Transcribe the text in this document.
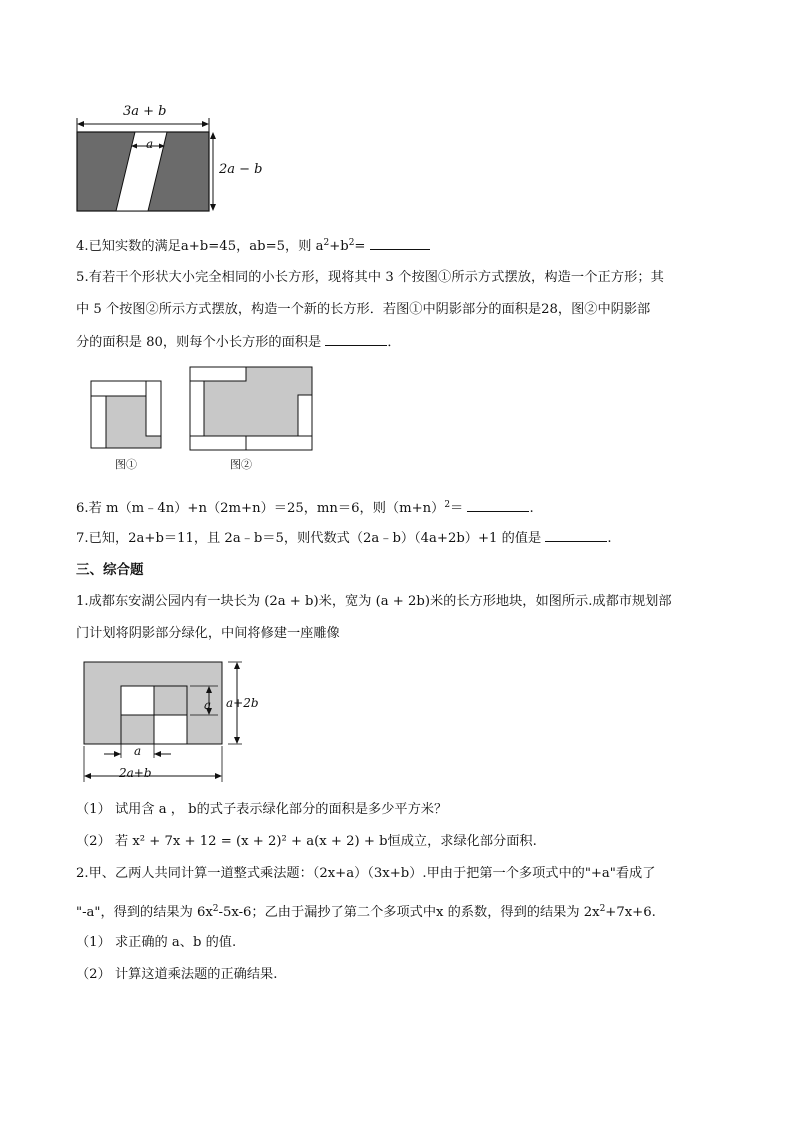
3a + b
a
2a − b
4.已知实数的满足a+b=45，ab=5，则 $a^2+b^2=$
5.有若干个形状大小完全相同的小长方形，现将其中 3 个按图①所示方式摆放，构造一个正方形；其
中 5 个按图②所示方式摆放，构造一个新的长方形．若图①中阴影部分的面积是28，图②中阴影部
分的面积是 80，则每个小长方形的面积是	．
图①	图②
6.若 m（m﹣4n）+n（2m+n）＝25，mn＝6，则$(m+n)^2=$	.
7.已知，2a+b＝11，且 2a﹣b＝5，则代数式（2a﹣b）（4a+2b）+1 的值是	.
三、综合题
1.成都东安湖公园内有一块长为 (2a + b)米，宽为 (a + 2b)米的长方形地块，如图所示.成都市规划部
门计划将阴影部分绿化，中间将修建一座雕像
a+2b
a
a
2a+b
（1） 试用含 a ， b的式子表示绿化部分的面积是多少平方米？
（2） 若 x² + 7x + 12 = (x + 2)² + a(x + 2) + b恒成立，求绿化部分面积.
2.甲、乙两人共同计算一道整式乘法题：（2x+a）（3x+b）.甲由于把第一个多项式中的"+a"看成了
"-a"，得到的结果为 $6x^2-5x-6$；乙由于漏抄了第二个多项式中x 的系数，得到的结果为 $2x^2+7x+6$.
（1） 求正确的 a、b 的值.
（2） 计算这道乘法题的正确结果.
